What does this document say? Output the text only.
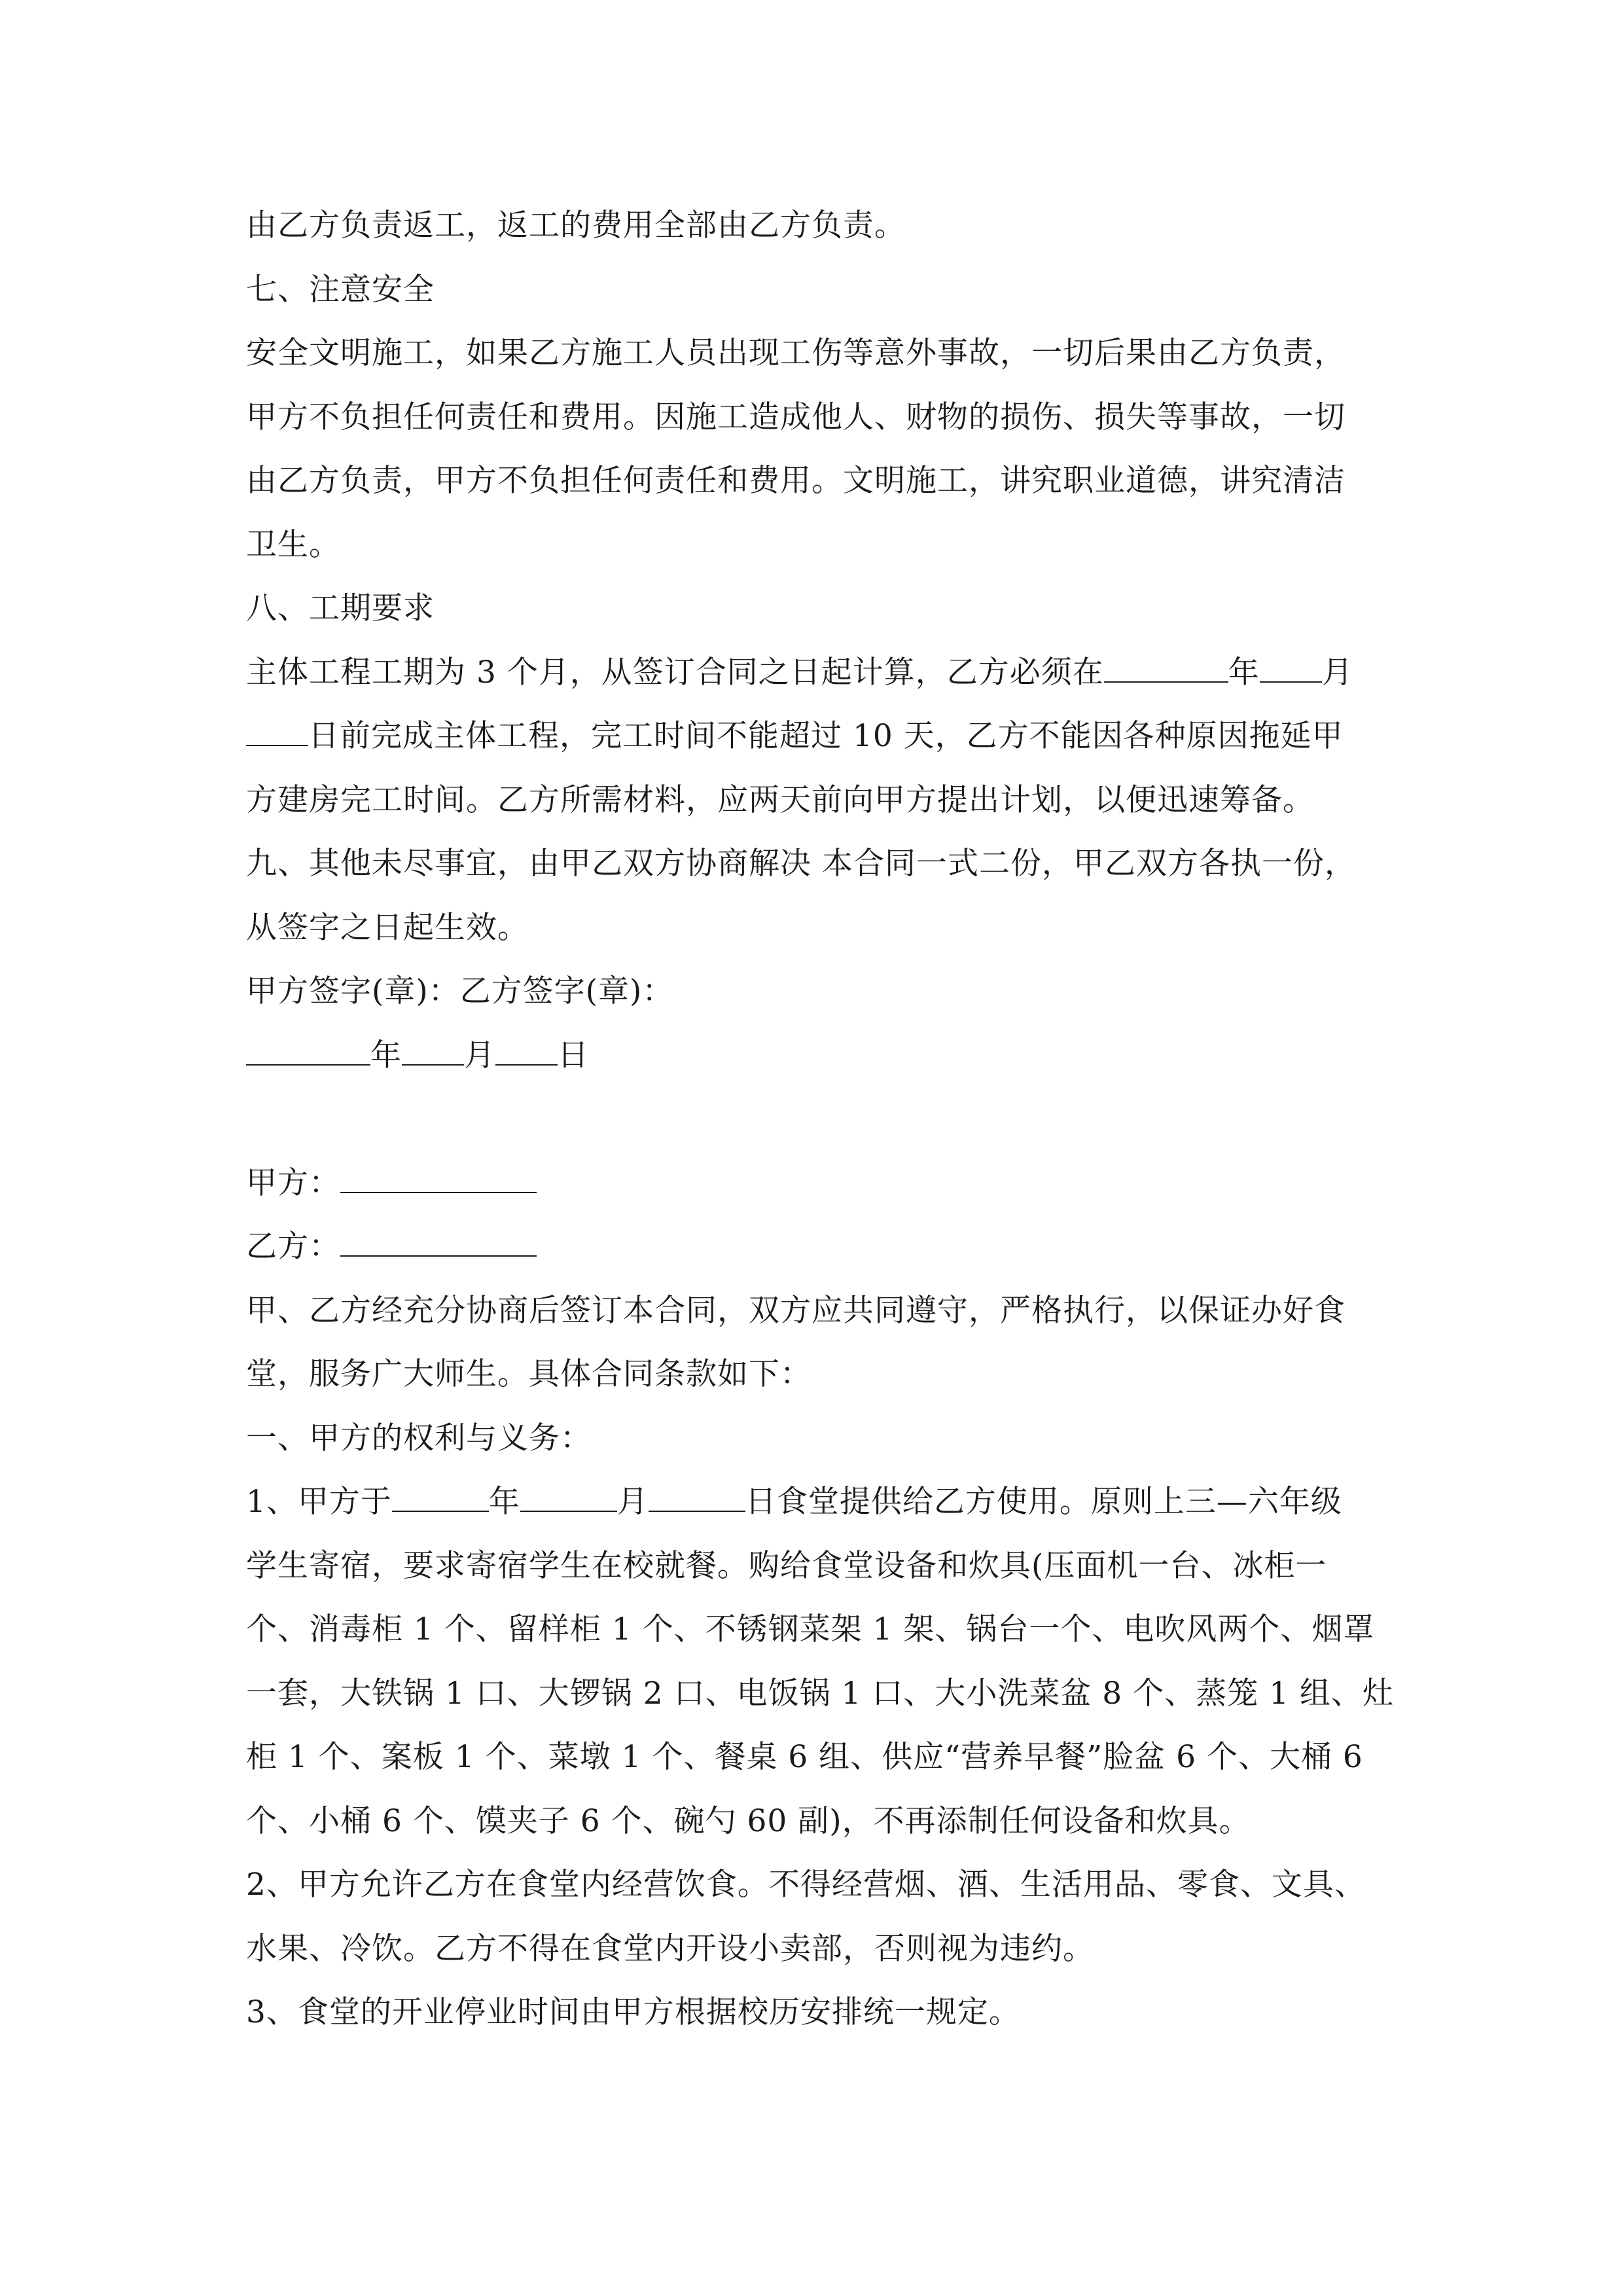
由乙方负责返工，返工的费用全部由乙方负责。
七、注意安全
安全文明施工，如果乙方施工人员出现工伤等意外事故，一切后果由乙方负责，
甲方不负担任何责任和费用。因施工造成他人、财物的损伤、损失等事故，一切
由乙方负责，甲方不负担任何责任和费用。文明施工，讲究职业道德，讲究清洁
卫生。
八、工期要求
主体工程工期为 3 个月，从签订合同之日起计算，乙方必须在	年 月
日前完成主体工程，完工时间不能超过 10 天，乙方不能因各种原因拖延甲
方建房完工时间。乙方所需材料，应两天前向甲方提出计划，以便迅速筹备。
九、其他未尽事宜，由甲乙双方协商解决 本合同一式二份，甲乙双方各执一份，
从签字之日起生效。
甲方签字(章)：乙方签字(章)：
年 月 日
甲方：
乙方：
甲、乙方经充分协商后签订本合同，双方应共同遵守，严格执行，以保证办好食
堂，服务广大师生。具体合同条款如下：
一、甲方的权利与义务：
1、甲方于	年	月	日食堂提供给乙方使用。原则上三—六年级
学生寄宿，要求寄宿学生在校就餐。购给食堂设备和炊具(压面机一台、冰柜一
个、消毒柜 1 个、留样柜 1 个、不锈钢菜架 1 架、锅台一个、电吹风两个、烟罩
一套，大铁锅 1 口、大锣锅 2 口、电饭锅 1 口、大小洗菜盆 8 个、蒸笼 1 组、灶
柜 1 个、案板 1 个、菜墩 1 个、餐桌 6 组、供应“营养早餐”脸盆 6 个、大桶 6
个、小桶 6 个、馍夹子 6 个、碗勺 60 副)，不再添制任何设备和炊具。
2、甲方允许乙方在食堂内经营饮食。不得经营烟、酒、生活用品、零食、文具、
水果、冷饮。乙方不得在食堂内开设小卖部，否则视为违约。
3、食堂的开业停业时间由甲方根据校历安排统一规定。
